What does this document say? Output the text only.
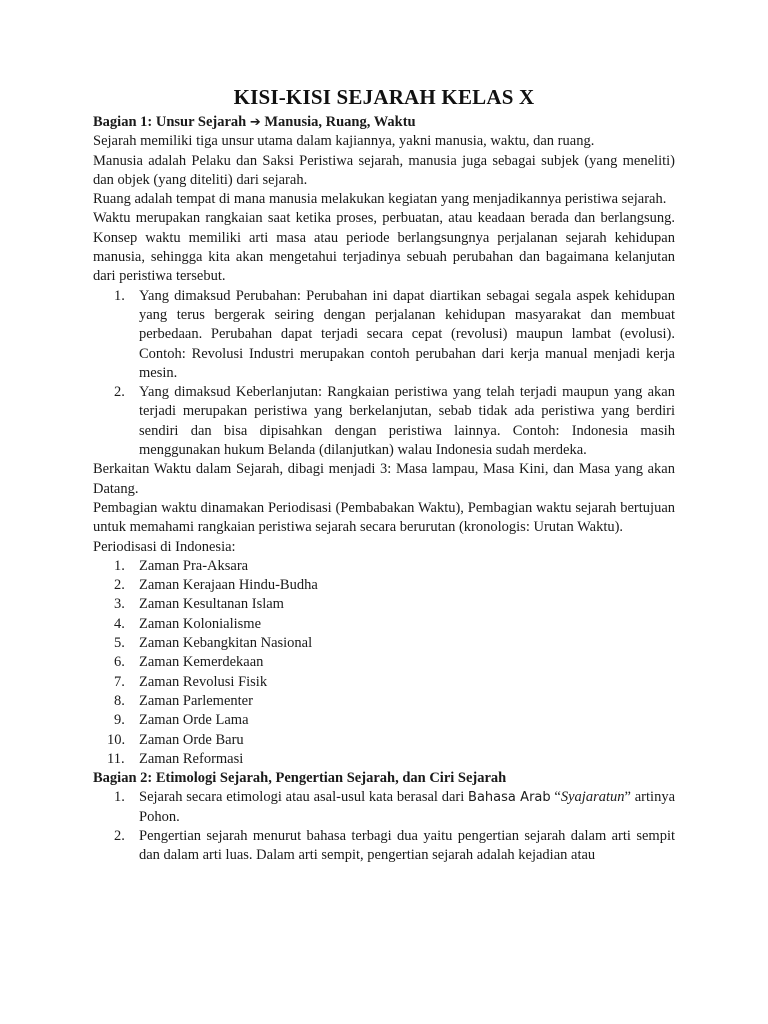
KISI-KISI SEJARAH KELAS X
Bagian 1: Unsur Sejarah ➔ Manusia, Ruang, Waktu

Sejarah memiliki tiga unsur utama dalam kajiannya, yakni manusia, waktu, dan ruang.

Manusia adalah Pelaku dan Saksi Peristiwa sejarah, manusia juga sebagai subjek (yang meneliti) dan objek (yang diteliti) dari sejarah.

Ruang adalah tempat di mana manusia melakukan kegiatan yang menjadikannya peristiwa sejarah.

Waktu merupakan rangkaian saat ketika proses, perbuatan, atau keadaan berada dan berlangsung. Konsep waktu memiliki arti masa atau periode berlangsungnya perjalanan sejarah kehidupan manusia, sehingga kita akan mengetahui terjadinya sebuah perubahan dan bagaimana kelanjutan dari peristiwa tersebut.

1. Yang dimaksud Perubahan: Perubahan ini dapat diartikan sebagai segala aspek kehidupan yang terus bergerak seiring dengan perjalanan kehidupan masyarakat dan membuat perbedaan. Perubahan dapat terjadi secara cepat (revolusi) maupun lambat (evolusi). Contoh: Revolusi Industri merupakan contoh perubahan dari kerja manual menjadi kerja mesin.
2. Yang dimaksud Keberlanjutan: Rangkaian peristiwa yang telah terjadi maupun yang akan terjadi merupakan peristiwa yang berkelanjutan, sebab tidak ada peristiwa yang berdiri sendiri dan bisa dipisahkan dengan peristiwa lainnya. Contoh: Indonesia masih menggunakan hukum Belanda (dilanjutkan) walau Indonesia sudah merdeka.

Berkaitan Waktu dalam Sejarah, dibagi menjadi 3: Masa lampau, Masa Kini, dan Masa yang akan Datang.

Pembagian waktu dinamakan Periodisasi (Pembabakan Waktu), Pembagian waktu sejarah bertujuan untuk memahami rangkaian peristiwa sejarah secara berurutan (kronologis: Urutan Waktu).

Periodisasi di Indonesia:

1. Zaman Pra-Aksara
2. Zaman Kerajaan Hindu-Budha
3. Zaman Kesultanan Islam
4. Zaman Kolonialisme
5. Zaman Kebangkitan Nasional
6. Zaman Kemerdekaan
7. Zaman Revolusi Fisik
8. Zaman Parlementer
9. Zaman Orde Lama
10. Zaman Orde Baru
11. Zaman Reformasi
Bagian 2: Etimologi Sejarah, Pengertian Sejarah, dan Ciri Sejarah
1. Sejarah secara etimologi atau asal-usul kata berasal dari Bahasa Arab “Syajaratun” artinya Pohon.
2. Pengertian sejarah menurut bahasa terbagi dua yaitu pengertian sejarah dalam arti sempit dan dalam arti luas. Dalam arti sempit, pengertian sejarah adalah kejadian atau
